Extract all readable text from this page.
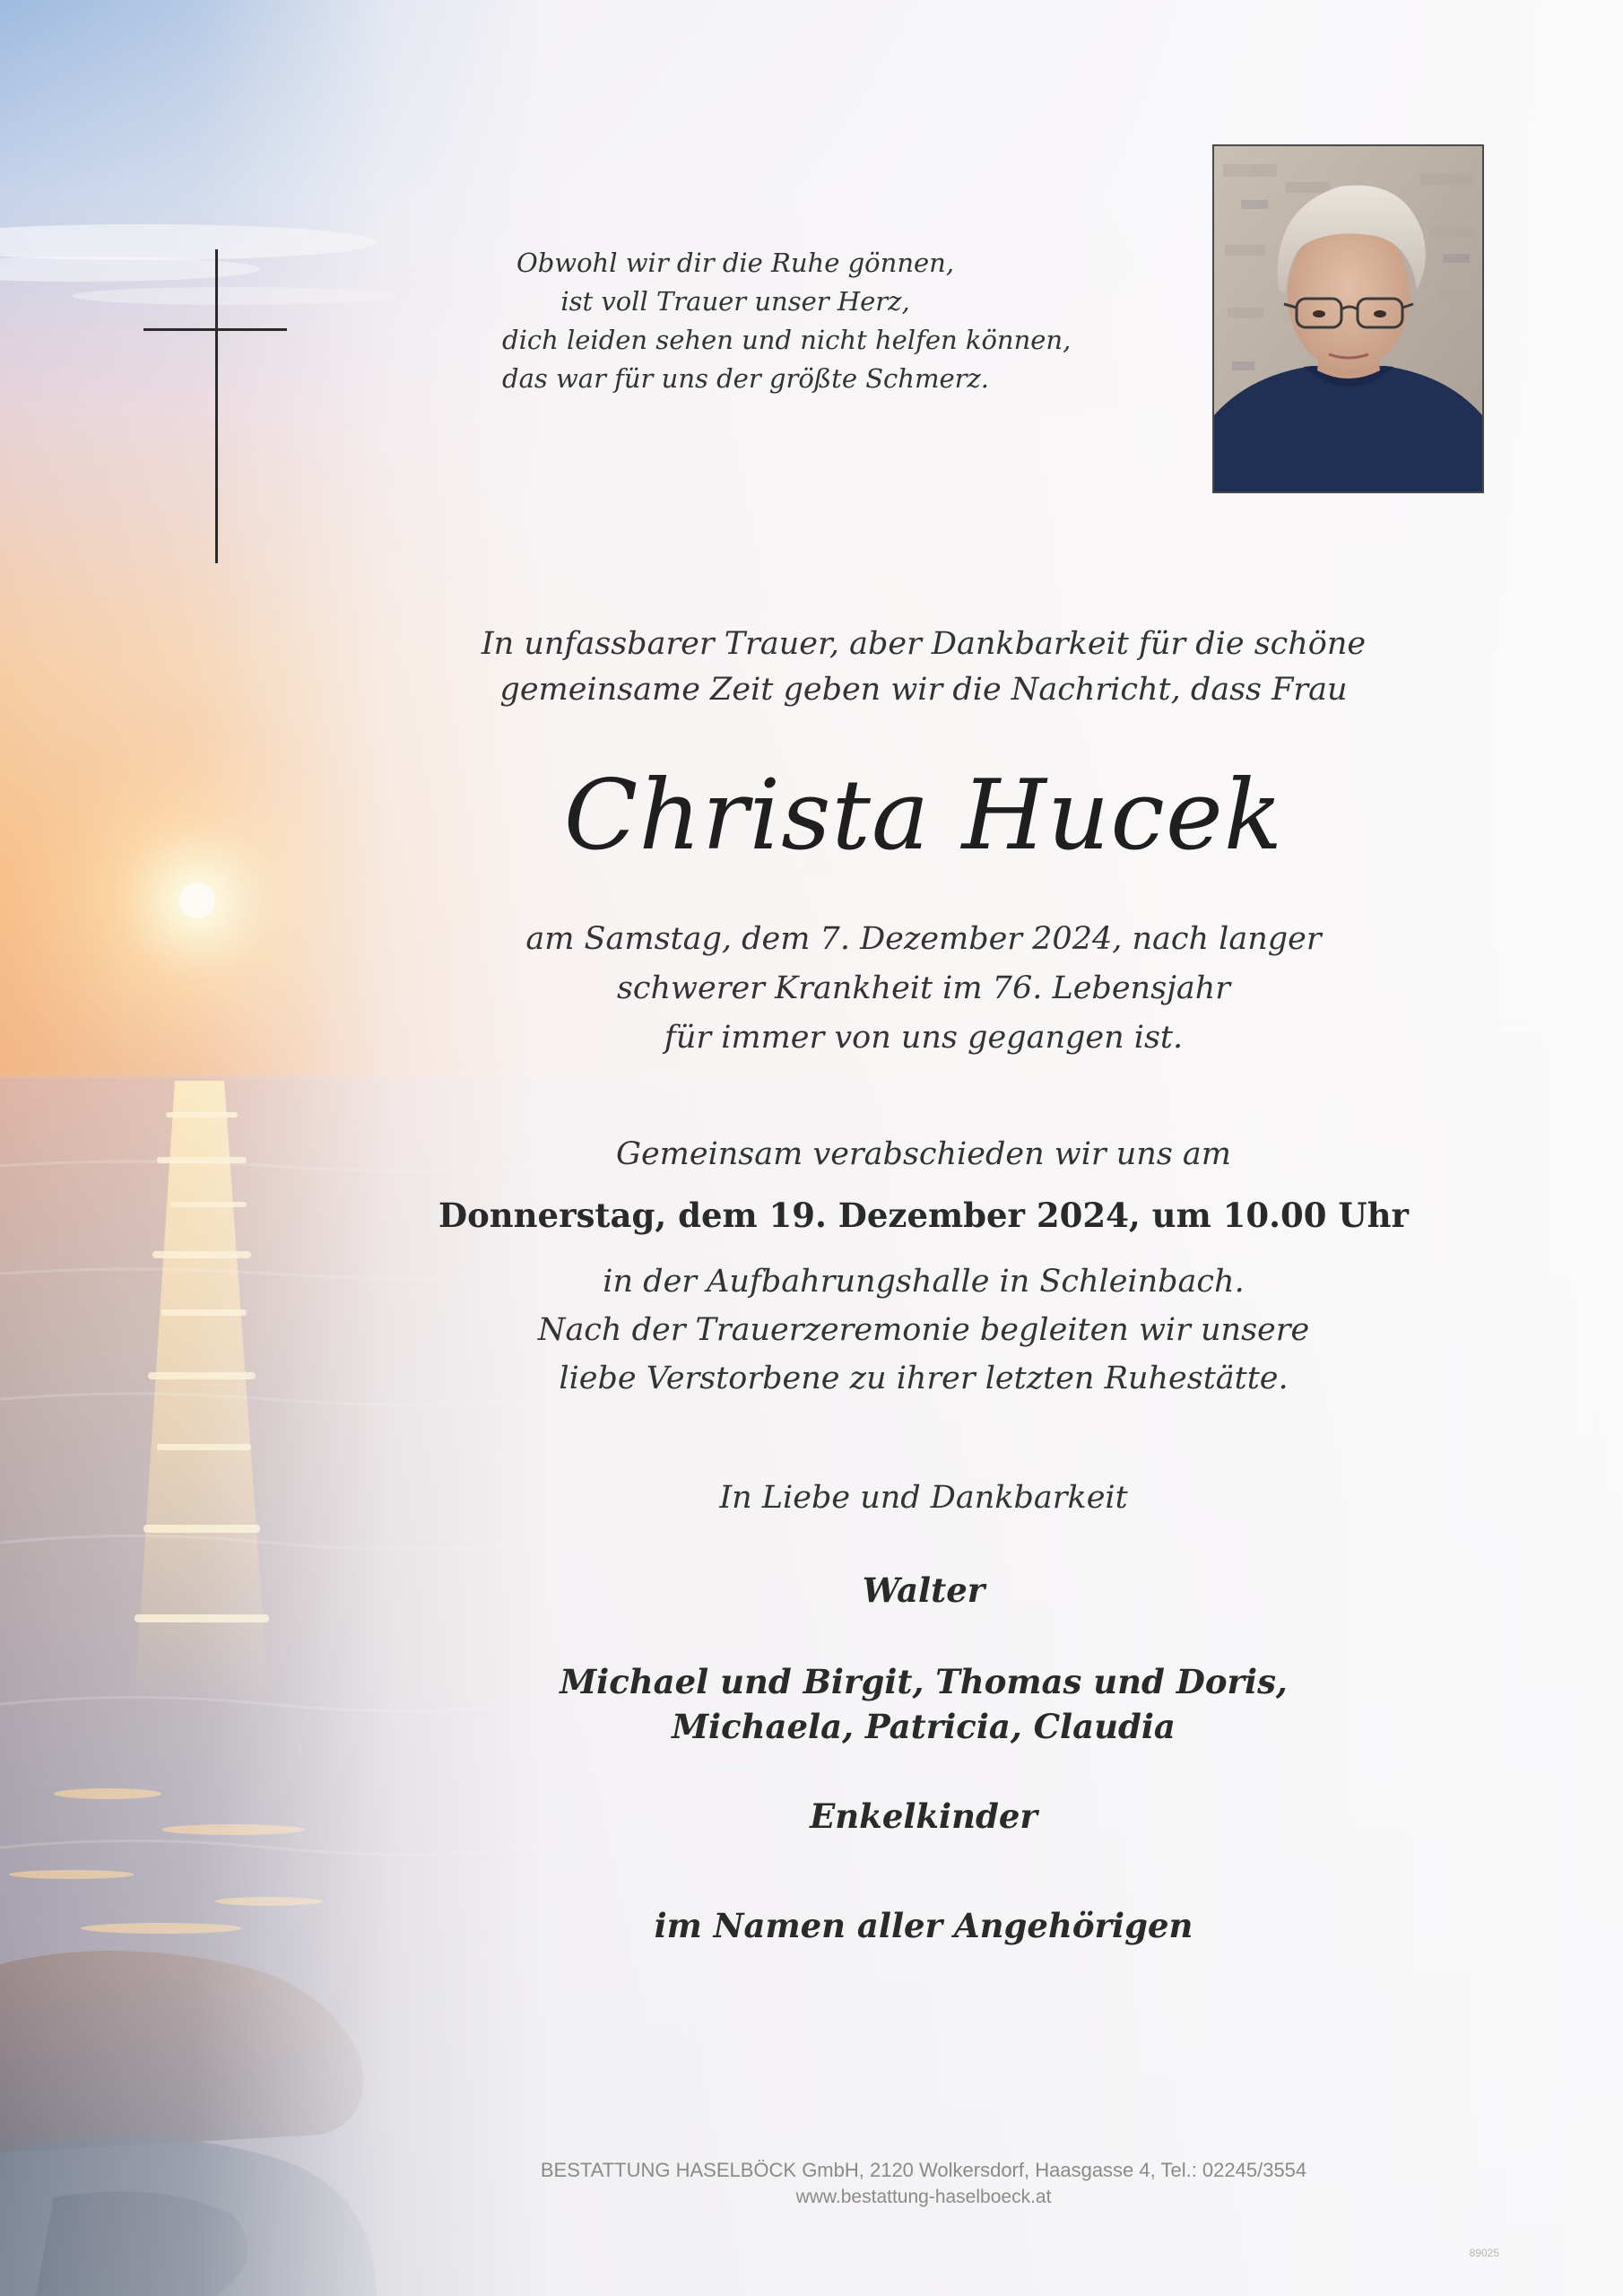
Obwohl wir dir die Ruhe gönnen,
ist voll Trauer unser Herz,
dich leiden sehen und nicht helfen können,
das war für uns der größte Schmerz.
In unfassbarer Trauer, aber Dankbarkeit für die schöne
gemeinsame Zeit geben wir die Nachricht, dass Frau
Christa Hucek
am Samstag, dem 7. Dezember 2024, nach langer
schwerer Krankheit im 76. Lebensjahr
für immer von uns gegangen ist.
Gemeinsam verabschieden wir uns am
Donnerstag, dem 19. Dezember 2024, um 10.00 Uhr
in der Aufbahrungshalle in Schleinbach.
Nach der Trauerzeremonie begleiten wir unsere
liebe Verstorbene zu ihrer letzten Ruhestätte.
In Liebe und Dankbarkeit
Walter
Michael und Birgit, Thomas und Doris,
Michaela, Patricia, Claudia
Enkelkinder
im Namen aller Angehörigen
BESTATTUNG HASELBÖCK GmbH, 2120 Wolkersdorf, Haasgasse 4, Tel.: 02245/3554
www.bestattung-haselboeck.at
89025
